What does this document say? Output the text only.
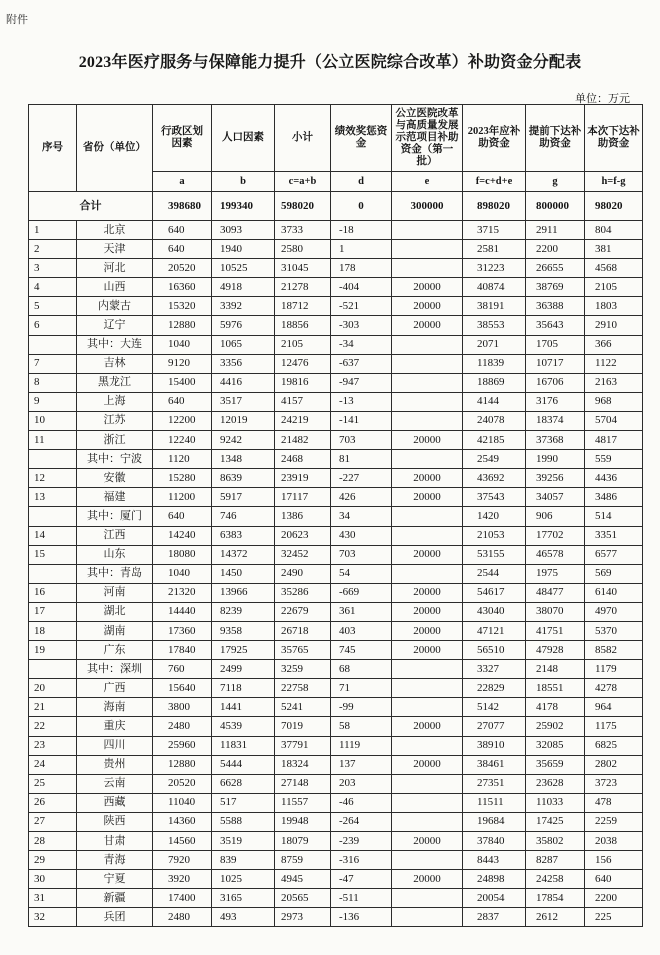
附件
2023年医疗服务与保障能力提升（公立医院综合改革）补助资金分配表
单位：万元
序号	省份（单位）	行政区划因素	人口因素	小计	绩效奖惩资金	公立医院改革与高质量发展示范项目补助资金（第一批）	2023年应补助资金	提前下达补助资金	本次下达补助资金
		a	b	c=a+b	d	e	f=c+d+e	g	h=f-g
合计		398680	199340	598020	0	300000	898020	800000	98020
1	北京	640	3093	3733	-18		3715	2911	804
2	天津	640	1940	2580	1		2581	2200	381
3	河北	20520	10525	31045	178		31223	26655	4568
4	山西	16360	4918	21278	-404	20000	40874	38769	2105
5	内蒙古	15320	3392	18712	-521	20000	38191	36388	1803
6	辽宁	12880	5976	18856	-303	20000	38553	35643	2910
	其中：大连	1040	1065	2105	-34		2071	1705	366
7	吉林	9120	3356	12476	-637		11839	10717	1122
8	黑龙江	15400	4416	19816	-947		18869	16706	2163
9	上海	640	3517	4157	-13		4144	3176	968
10	江苏	12200	12019	24219	-141		24078	18374	5704
11	浙江	12240	9242	21482	703	20000	42185	37368	4817
	其中：宁波	1120	1348	2468	81		2549	1990	559
12	安徽	15280	8639	23919	-227	20000	43692	39256	4436
13	福建	11200	5917	17117	426	20000	37543	34057	3486
	其中：厦门	640	746	1386	34		1420	906	514
14	江西	14240	6383	20623	430		21053	17702	3351
15	山东	18080	14372	32452	703	20000	53155	46578	6577
	其中：青岛	1040	1450	2490	54		2544	1975	569
16	河南	21320	13966	35286	-669	20000	54617	48477	6140
17	湖北	14440	8239	22679	361	20000	43040	38070	4970
18	湖南	17360	9358	26718	403	20000	47121	41751	5370
19	广东	17840	17925	35765	745	20000	56510	47928	8582
	其中：深圳	760	2499	3259	68		3327	2148	1179
20	广西	15640	7118	22758	71		22829	18551	4278
21	海南	3800	1441	5241	-99		5142	4178	964
22	重庆	2480	4539	7019	58	20000	27077	25902	1175
23	四川	25960	11831	37791	1119		38910	32085	6825
24	贵州	12880	5444	18324	137	20000	38461	35659	2802
25	云南	20520	6628	27148	203		27351	23628	3723
26	西藏	11040	517	11557	-46		11511	11033	478
27	陕西	14360	5588	19948	-264		19684	17425	2259
28	甘肃	14560	3519	18079	-239	20000	37840	35802	2038
29	青海	7920	839	8759	-316		8443	8287	156
30	宁夏	3920	1025	4945	-47	20000	24898	24258	640
31	新疆	17400	3165	20565	-511		20054	17854	2200
32	兵团	2480	493	2973	-136		2837	2612	225
